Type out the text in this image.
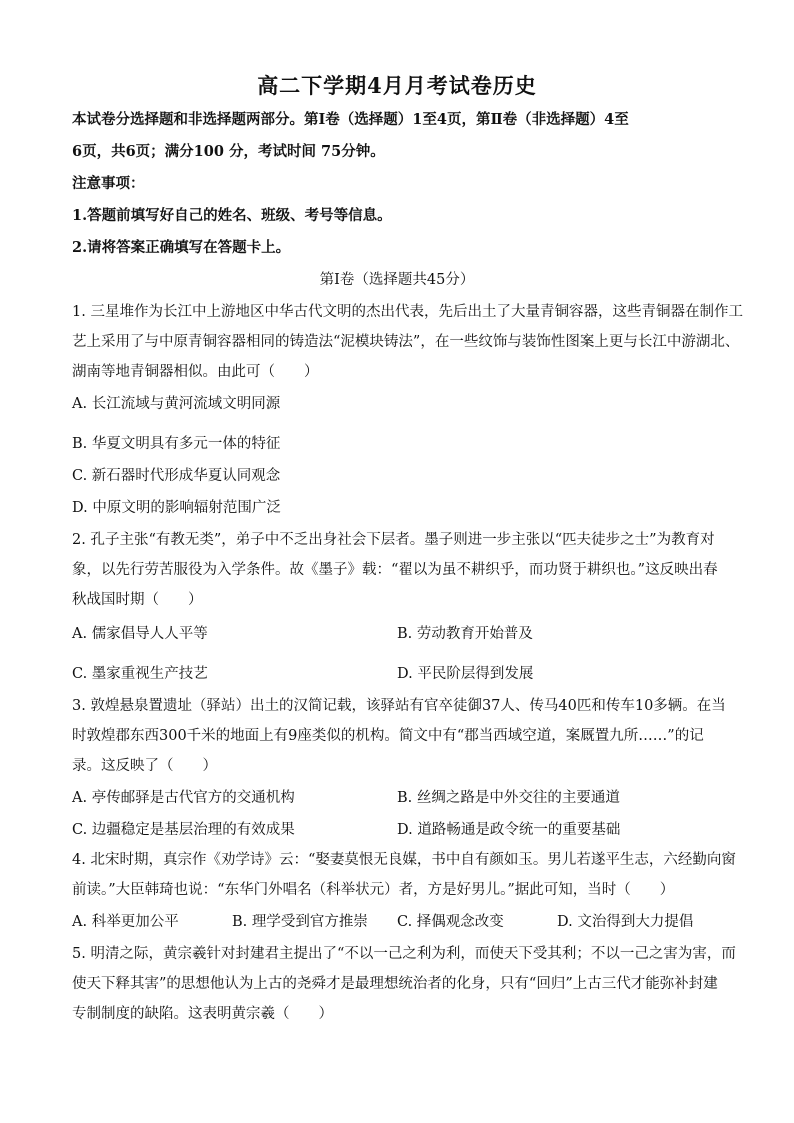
高二下学期4月月考试卷历史
本试卷分选择题和非选择题两部分。第Ⅰ卷（选择题）1至4页，第Ⅱ卷（非选择题）4至
6页，共6页；满分100 分，考试时间 75分钟。
注意事项：
1.答题前填写好自己的姓名、班级、考号等信息。
2.请将答案正确填写在答题卡上。
第Ⅰ卷（选择题共45分）
1. 三星堆作为长江中上游地区中华古代文明的杰出代表，先后出土了大量青铜容器，这些青铜器在制作工
艺上采用了与中原青铜容器相同的铸造法“泥模块铸法”，在一些纹饰与装饰性图案上更与长江中游湖北、
湖南等地青铜器相似。由此可（　　）
A. 长江流域与黄河流域文明同源
B. 华夏文明具有多元一体的特征
C. 新石器时代形成华夏认同观念
D. 中原文明的影响辐射范围广泛
2. 孔子主张“有教无类”，弟子中不乏出身社会下层者。墨子则进一步主张以“匹夫徒步之士”为教育对
象，以先行劳苦服役为入学条件。故《墨子》载：“翟以为虽不耕织乎，而功贤于耕织也。”这反映出春
秋战国时期（　　）
A. 儒家倡导人人平等	B. 劳动教育开始普及
C. 墨家重视生产技艺	D. 平民阶层得到发展
3. 敦煌悬泉置遗址（驿站）出土的汉简记载，该驿站有官卒徒御37人、传马40匹和传车10多辆。在当
时敦煌郡东西300千米的地面上有9座类似的机构。简文中有“郡当西域空道，案厩置九所……”的记
录。这反映了（　　）
A. 亭传邮驿是古代官方的交通机构	B. 丝绸之路是中外交往的主要通道
C. 边疆稳定是基层治理的有效成果	D. 道路畅通是政令统一的重要基础
4. 北宋时期，真宗作《劝学诗》云：“娶妻莫恨无良媒，书中自有颜如玉。男儿若遂平生志，六经勤向窗
前读。”大臣韩琦也说：“东华门外唱名（科举状元）者，方是好男儿。”据此可知，当时（　　）
A. 科举更加公平	B. 理学受到官方推崇 C. 择偶观念改变	D. 文治得到大力提倡
5. 明清之际，黄宗羲针对封建君主提出了“不以一己之利为利，而使天下受其利；不以一己之害为害，而
使天下释其害”的思想他认为上古的尧舜才是最理想统治者的化身，只有“回归”上古三代才能弥补封建
专制制度的缺陷。这表明黄宗羲（　　）
